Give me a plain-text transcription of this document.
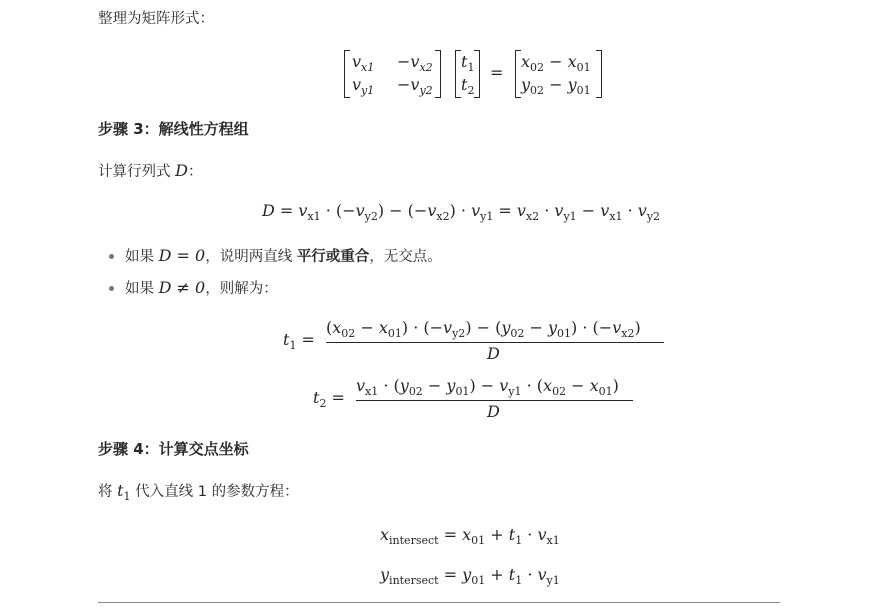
整理为矩阵形式：
$v_{x1} -v_{x2}$
$v_{y1} -v_{y2}$
$t_1$
$t_2$
=
$x_{02} - x_{01}$
$y_{02} - y_{01}$
步骤 3：解线性方程组
计算行列式 D：
$D = v_{x1} \cdot (-v_{y2}) - (-v_{x2}) \cdot v_{y1} = v_{x2} \cdot v_{y1} - v_{x1} \cdot v_{y2}$
如果 D = 0，说明两直线 平行或重合，无交点。
如果 D ≠ 0，则解为：
$t_1$ =
$(x_{02} - x_{01}) \cdot (-v_{y2}) - (y_{02} - y_{01}) \cdot (-v_{x2})$
D
$t_2$ =
$v_{x1} \cdot (y_{02} - y_{01}) - v_{y1} \cdot (x_{02} - x_{01})$
D
步骤 4：计算交点坐标
将 $t_1$ 代入直线 1 的参数方程：
$x_{intersect} = x_{01} + t_1 \cdot v_{x1}$
$y_{intersect} = y_{01} + t_1 \cdot v_{y1}$
